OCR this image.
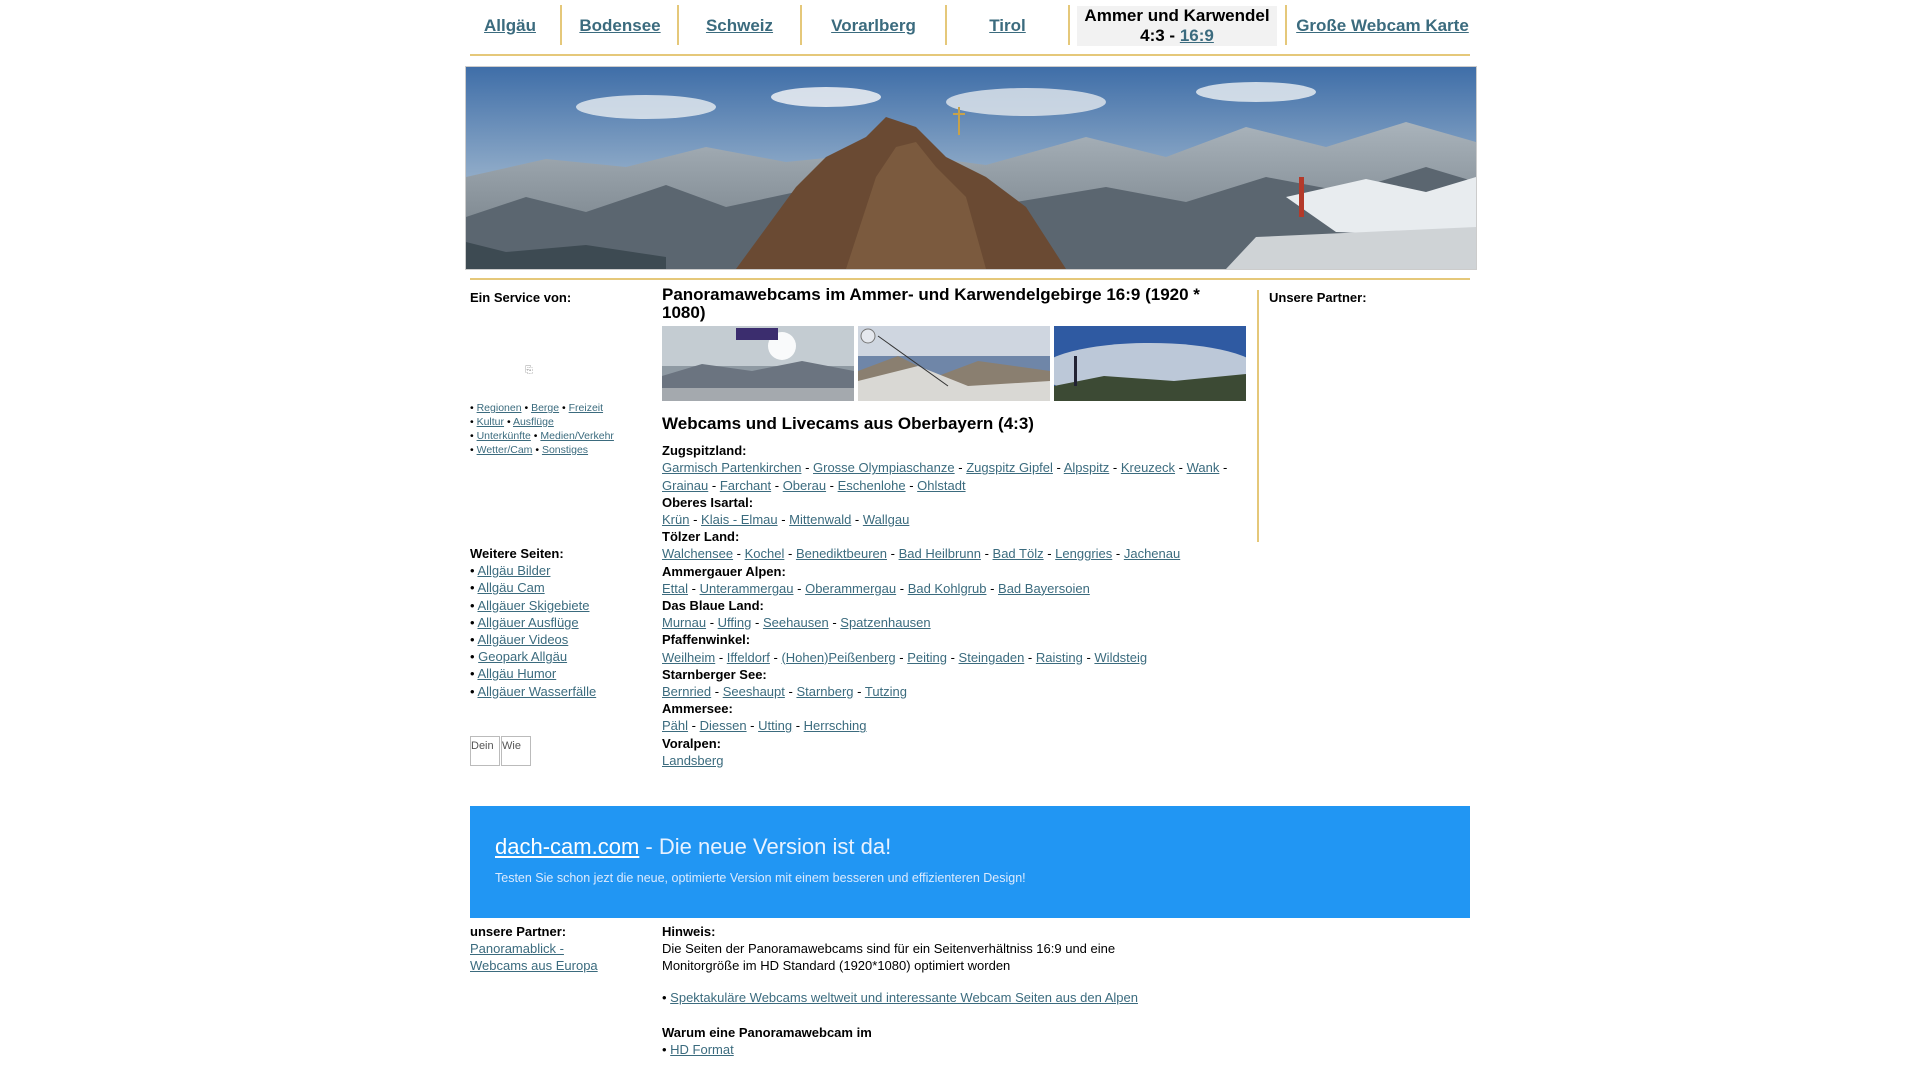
Allgäu	Bodensee	Schweiz	Vorarlberg	Tirol
Ammer und Karwendel
4:3 - 16:9
Große Webcam Karte
Ein Service von:
⎘
• Regionen • Berge • Freizeit
• Kultur • Ausflüge
• Unterkünfte • Medien/Verkehr
• Wetter/Cam • Sonstiges
Weitere Seiten:
• Allgäu Bilder
• Allgäu Cam
• Allgäuer Skigebiete
• Allgäuer Ausflüge
• Allgäuer Videos
• Geopark Allgäu
• Allgäu Humor
• Allgäuer Wasserfälle
Dein Wie
Panoramawebcams im Ammer- und Karwendelgebirge 16:9 (1920 * 1080)
Webcams und Livecams aus Oberbayern (4:3)
Zugspitzland:
Garmisch Partenkirchen - Grosse Olympiaschanze - Zugspitz Gipfel - Alpspitz - Kreuzeck - Wank - Grainau - Farchant - Oberau - Eschenlohe - Ohlstadt
Oberes Isartal:
Krün - Klais - Elmau - Mittenwald - Wallgau
Tölzer Land:
Walchensee - Kochel - Benediktbeuren - Bad Heilbrunn - Bad Tölz - Lenggries - Jachenau
Ammergauer Alpen:
Ettal - Unterammergau - Oberammergau - Bad Kohlgrub - Bad Bayersoien
Das Blaue Land:
Murnau - Uffing - Seehausen - Spatzenhausen
Pfaffenwinkel:
Weilheim - Iffeldorf - (Hohen)Peißenberg - Peiting - Steingaden - Raisting - Wildsteig
Starnberger See:
Bernried - Seeshaupt - Starnberg - Tutzing
Ammersee:
Pähl - Diessen - Utting - Herrsching
Voralpen:
Landsberg
Unsere Partner:
dach-cam.com - Die neue Version ist da!
Testen Sie schon jezt die neue, optimierte Version mit einem besseren und effizienteren Design!
unsere Partner:
Panoramablick -
Webcams aus Europa
Hinweis:
Die Seiten der Panoramawebcams sind für ein Seitenverhältniss 16:9 und eine Monitorgröße im HD Standard (1920*1080) optimiert worden
• Spektakuläre Webcams weltweit und interessante Webcam Seiten aus den Alpen
Warum eine Panoramawebcam im
• HD Format
